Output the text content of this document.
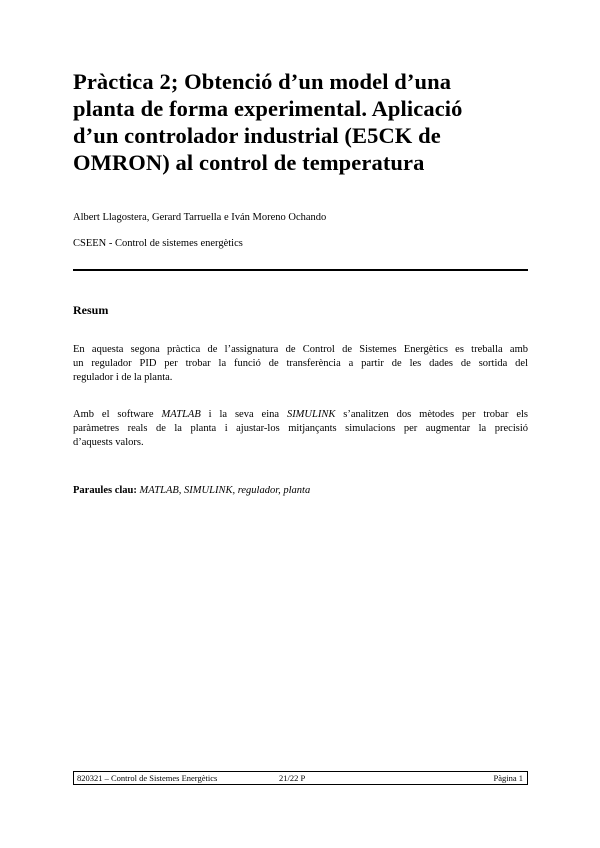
Pràctica 2; Obtenció d’un model d’una
planta de forma experimental. Aplicació
d’un controlador industrial (E5CK de
OMRON) al control de temperatura
Albert Llagostera, Gerard Tarruella e Iván Moreno Ochando
CSEEN - Control de sistemes energètics
Resum

En aquesta segona pràctica de l’assignatura de Control de Sistemes Energètics es treballa amb
un regulador PID per trobar la funció de transferència a partir de les dades de sortida del
regulador i de la planta.

Amb el software MATLAB i la seva eina SIMULINK s’analitzen dos mètodes per trobar els
paràmetres reals de la planta i ajustar-los mitjançants simulacions per augmentar la precisió
d’aquests valors.

Paraules clau: MATLAB, SIMULINK, regulador, planta
820321 – Control de Sistemes Energètics	21/22 P	Pàgina 1
